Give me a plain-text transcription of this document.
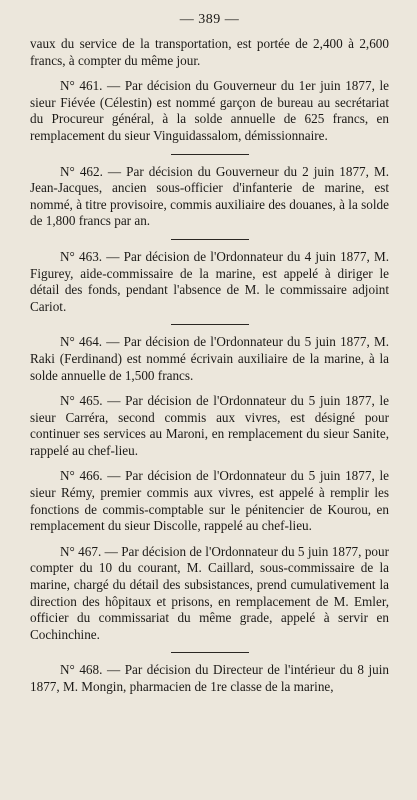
— 389 —

vaux du service de la transportation, est portée de 2,400 à 2,600 francs, à compter du même jour.

N° 461. — Par décision du Gouverneur du 1er juin 1877, le sieur Fiévée (Célestin) est nommé garçon de bureau au secrétariat du Procureur général, à la solde annuelle de 625 francs, en remplacement du sieur Vinguidassalom, démissionnaire.

N° 462. — Par décision du Gouverneur du 2 juin 1877, M. Jean-Jacques, ancien sous-officier d'infanterie de marine, est nommé, à titre provisoire, commis auxiliaire des douanes, à la solde de 1,800 francs par an.

N° 463. — Par décision de l'Ordonnateur du 4 juin 1877, M. Figurey, aide-commissaire de la marine, est appelé à diriger le détail des fonds, pendant l'absence de M. le commissaire adjoint Cariot.

N° 464. — Par décision de l'Ordonnateur du 5 juin 1877, M. Raki (Ferdinand) est nommé écrivain auxiliaire de la marine, à la solde annuelle de 1,500 francs.

N° 465. — Par décision de l'Ordonnateur du 5 juin 1877, le sieur Carréra, second commis aux vivres, est désigné pour continuer ses services au Maroni, en remplacement du sieur Sanite, rappelé au chef-lieu.

N° 466. — Par décision de l'Ordonnateur du 5 juin 1877, le sieur Rémy, premier commis aux vivres, est appelé à remplir les fonctions de commis-comptable sur le pénitencier de Kourou, en remplacement du sieur Discolle, rappelé au chef-lieu.

N° 467. — Par décision de l'Ordonnateur du 5 juin 1877, pour compter du 10 du courant, M. Caillard, sous-commissaire de la marine, chargé du détail des subsistances, prend cumulativement la direction des hôpitaux et prisons, en remplacement de M. Emler, officier du commissariat du même grade, appelé à servir en Cochinchine.

N° 468. — Par décision du Directeur de l'intérieur du 8 juin 1877, M. Mongin, pharmacien de 1re classe de la marine,
